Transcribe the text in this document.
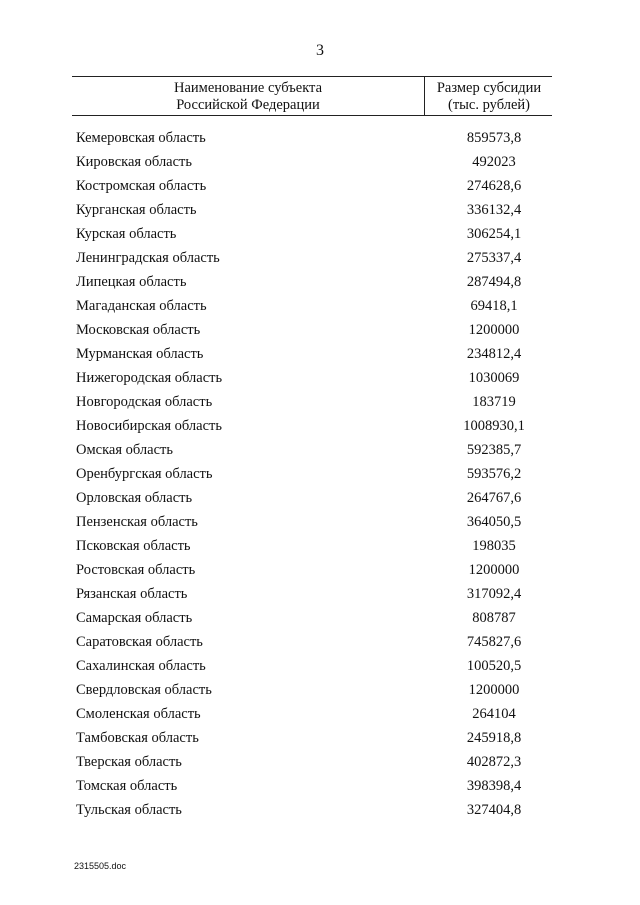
3
Наименование субъекта
Российской Федерации
Размер субсидии
(тыс. рублей)
Кемеровская область	859573,8
Кировская область	492023
Костромская область	274628,6
Курганская область	336132,4
Курская область	306254,1
Ленинградская область	275337,4
Липецкая область	287494,8
Магаданская область	69418,1
Московская область	1200000
Мурманская область	234812,4
Нижегородская область	1030069
Новгородская область	183719
Новосибирская область	1008930,1
Омская область	592385,7
Оренбургская область	593576,2
Орловская область	264767,6
Пензенская область	364050,5
Псковская область	198035
Ростовская область	1200000
Рязанская область	317092,4
Самарская область	808787
Саратовская область	745827,6
Сахалинская область	100520,5
Свердловская область	1200000
Смоленская область	264104
Тамбовская область	245918,8
Тверская область	402872,3
Томская область	398398,4
Тульская область	327404,8
2315505.doc
